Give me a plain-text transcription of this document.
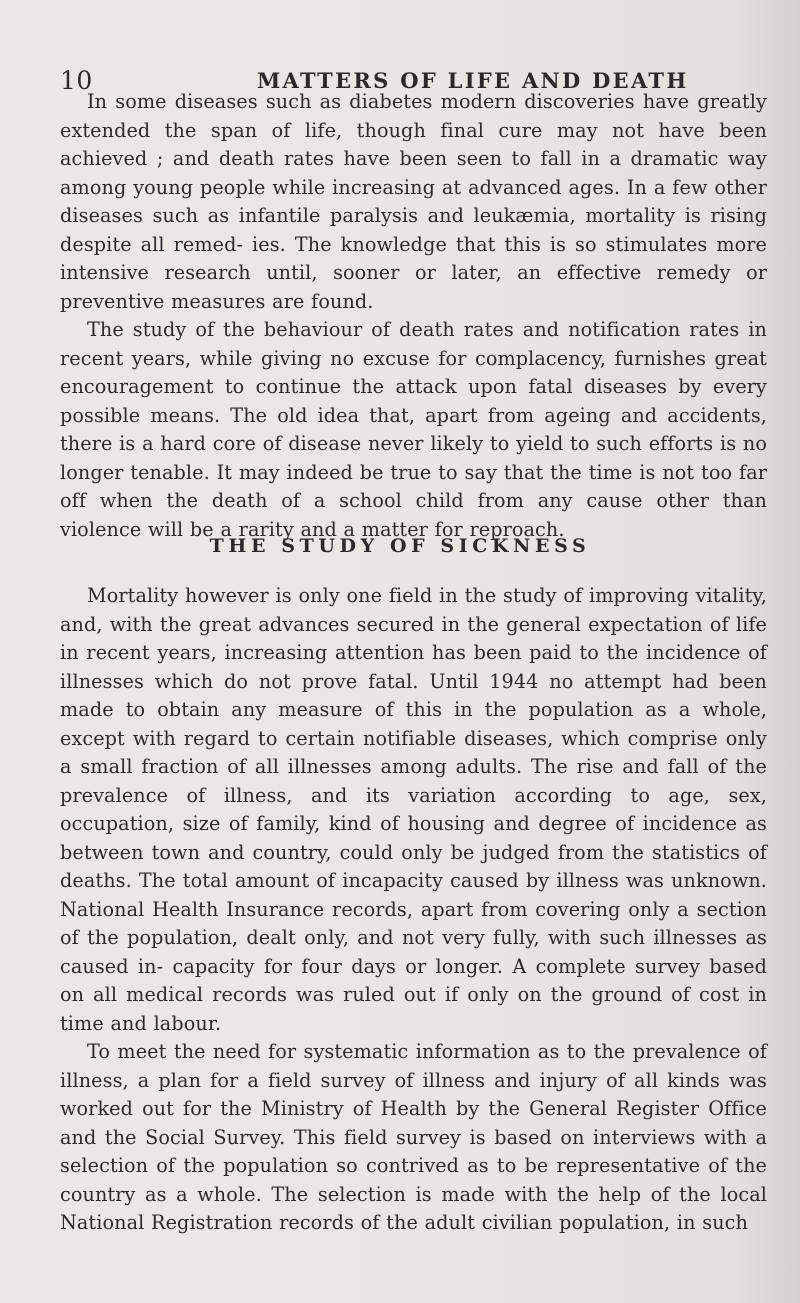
10	MATTERS OF LIFE AND DEATH

In some diseases such as diabetes modern discoveries have greatly extended the span of life, though final cure may not have been achieved ; and death rates have been seen to fall in a dramatic way among young people while increasing at advanced ages. In a few other diseases such as infantile paralysis and leukæmia, mortality is rising despite all remed- ies. The knowledge that this is so stimulates more intensive research until, sooner or later, an effective remedy or preventive measures are found.

The study of the behaviour of death rates and notification rates in recent years, while giving no excuse for complacency, furnishes great encouragement to continue the attack upon fatal diseases by every possible means. The old idea that, apart from ageing and accidents, there is a hard core of disease never likely to yield to such efforts is no longer tenable. It may indeed be true to say that the time is not too far off when the death of a school child from any cause other than violence will be a rarity and a matter for reproach.

THE STUDY OF SICKNESS

Mortality however is only one field in the study of improving vitality, and, with the great advances secured in the general expectation of life in recent years, increasing attention has been paid to the incidence of illnesses which do not prove fatal. Until 1944 no attempt had been made to obtain any measure of this in the population as a whole, except with regard to certain notifiable diseases, which comprise only a small fraction of all illnesses among adults. The rise and fall of the prevalence of illness, and its variation according to age, sex, occupation, size of family, kind of housing and degree of incidence as between town and country, could only be judged from the statistics of deaths. The total amount of incapacity caused by illness was unknown. National Health Insurance records, apart from covering only a section of the population, dealt only, and not very fully, with such illnesses as caused in- capacity for four days or longer. A complete survey based on all medical records was ruled out if only on the ground of cost in time and labour.

To meet the need for systematic information as to the prevalence of illness, a plan for a field survey of illness and injury of all kinds was worked out for the Ministry of Health by the General Register Office and the Social Survey. This field survey is based on interviews with a selection of the population so contrived as to be representative of the country as a whole. The selection is made with the help of the local National Registration records of the adult civilian population, in such
